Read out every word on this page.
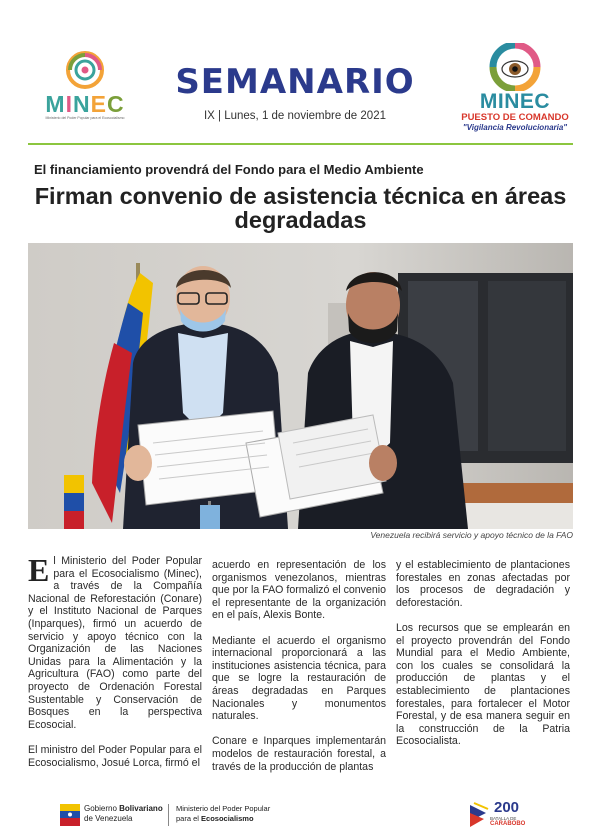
MINEC
Ministerio del Poder Popular para el Ecosocialismo
SEMANARIO
IX | Lunes, 1 de noviembre de 2021
MINEC
PUESTO DE COMANDO
"Vigilancia Revolucionaria"
El financiamiento provendrá del Fondo para el Medio Ambiente
Firman convenio de asistencia técnica en áreas degradadas
Venezuela recibirá servicio y apoyo técnico de la FAO

El Ministerio del Poder Popular para el Ecosocialismo (Minec), a través de la Compañía Nacional de Reforestación (Conare) y el Instituto Nacional de Parques (Inparques), firmó un acuerdo de servicio y apoyo técnico con la Organización de las Naciones Unidas para la Alimentación y la Agricultura (FAO) como parte del proyecto de Ordenación Forestal Sustentable y Conservación de Bosques en la perspectiva Ecosocial.

El ministro del Poder Popular para el Ecosocialismo, Josué Lorca, firmó el

acuerdo en representación de los organismos venezolanos, mientras que por la FAO formalizó el convenio el representante de la organización en el país, Alexis Bonte.

Mediante el acuerdo el organismo internacional proporcionará a las instituciones asistencia técnica, para que se logre la restauración de áreas degradadas en Parques Nacionales y monumentos naturales.

Conare e Inparques implementarán modelos de restauración forestal, a través de la producción de plantas

y el establecimiento de plantaciones forestales en zonas afectadas por los procesos de degradación y deforestación.

Los recursos que se emplearán en el proyecto provendrán del Fondo Mundial para el Medio Ambiente, con los cuales se consolidará la producción de plantas y el establecimiento de plantaciones forestales, para fortalecer el Motor Forestal, y de esa manera seguir en la construcción de la Patria Ecosocialista.

Gobierno Bolivariano
de Venezuela
Ministerio del Poder Popular
para el Ecosocialismo
200
BATALLA DE
CARABOBO
